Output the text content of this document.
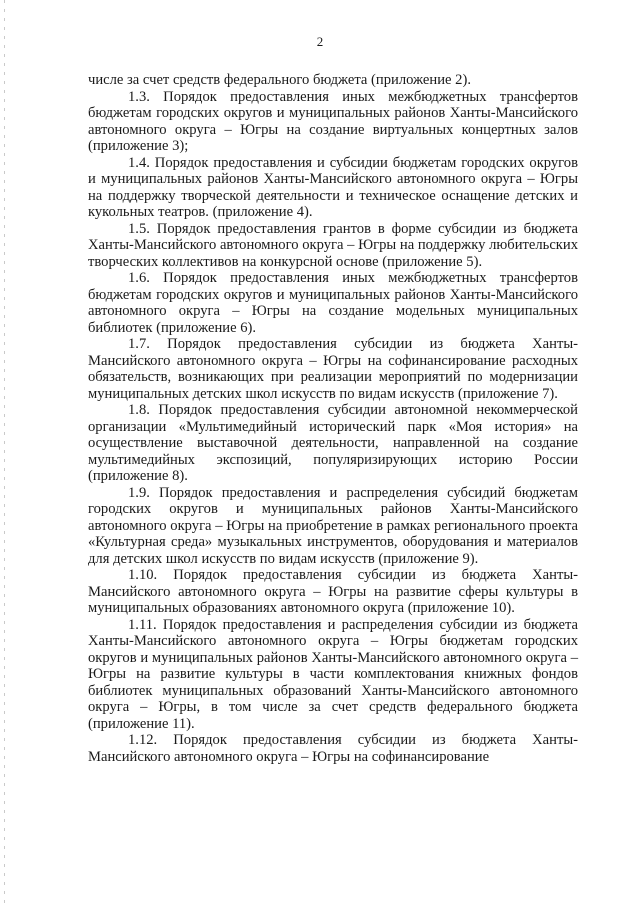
2

числе за счет средств федерального бюджета (приложение 2).

1.3. Порядок предоставления иных межбюджетных трансфертов бюджетам городских округов и муниципальных районов Ханты-Мансийского автономного округа – Югры на создание виртуальных концертных залов (приложение 3);

1.4. Порядок предоставления и субсидии бюджетам городских округов и муниципальных районов Ханты-Мансийского автономного округа – Югры на поддержку творческой деятельности и техническое оснащение детских и кукольных театров. (приложение 4).

1.5. Порядок предоставления грантов в форме субсидии из бюджета Ханты-Мансийского автономного округа – Югры на поддержку любительских творческих коллективов на конкурсной основе (приложение 5).

1.6. Порядок предоставления иных межбюджетных трансфертов бюджетам городских округов и муниципальных районов Ханты-Мансийского автономного округа – Югры на создание модельных муниципальных библиотек (приложение 6).

1.7. Порядок предоставления субсидии из бюджета Ханты-Мансийского автономного округа – Югры на софинансирование расходных обязательств, возникающих при реализации мероприятий по модернизации муниципальных детских школ искусств по видам искусств (приложение 7).

1.8. Порядок предоставления субсидии автономной некоммерческой организации «Мультимедийный исторический парк «Моя история» на осуществление выставочной деятельности, направленной на создание мультимедийных экспозиций, популяризирующих историю России (приложение 8).

1.9. Порядок предоставления и распределения субсидий бюджетам городских округов и муниципальных районов Ханты-Мансийского автономного округа – Югры на приобретение в рамках регионального проекта «Культурная среда» музыкальных инструментов, оборудования и материалов для детских школ искусств по видам искусств (приложение 9).

1.10. Порядок предоставления субсидии из бюджета Ханты-Мансийского автономного округа – Югры на развитие сферы культуры в муниципальных образованиях автономного округа (приложение 10).

1.11. Порядок предоставления и распределения субсидии из бюджета Ханты-Мансийского автономного округа – Югры бюджетам городских округов и муниципальных районов Ханты-Мансийского автономного округа – Югры на развитие культуры в части комплектования книжных фондов библиотек муниципальных образований Ханты-Мансийского автономного округа – Югры, в том числе за счет средств федерального бюджета (приложение 11).

1.12. Порядок предоставления субсидии из бюджета Ханты-Мансийского автономного округа – Югры на софинансирование
